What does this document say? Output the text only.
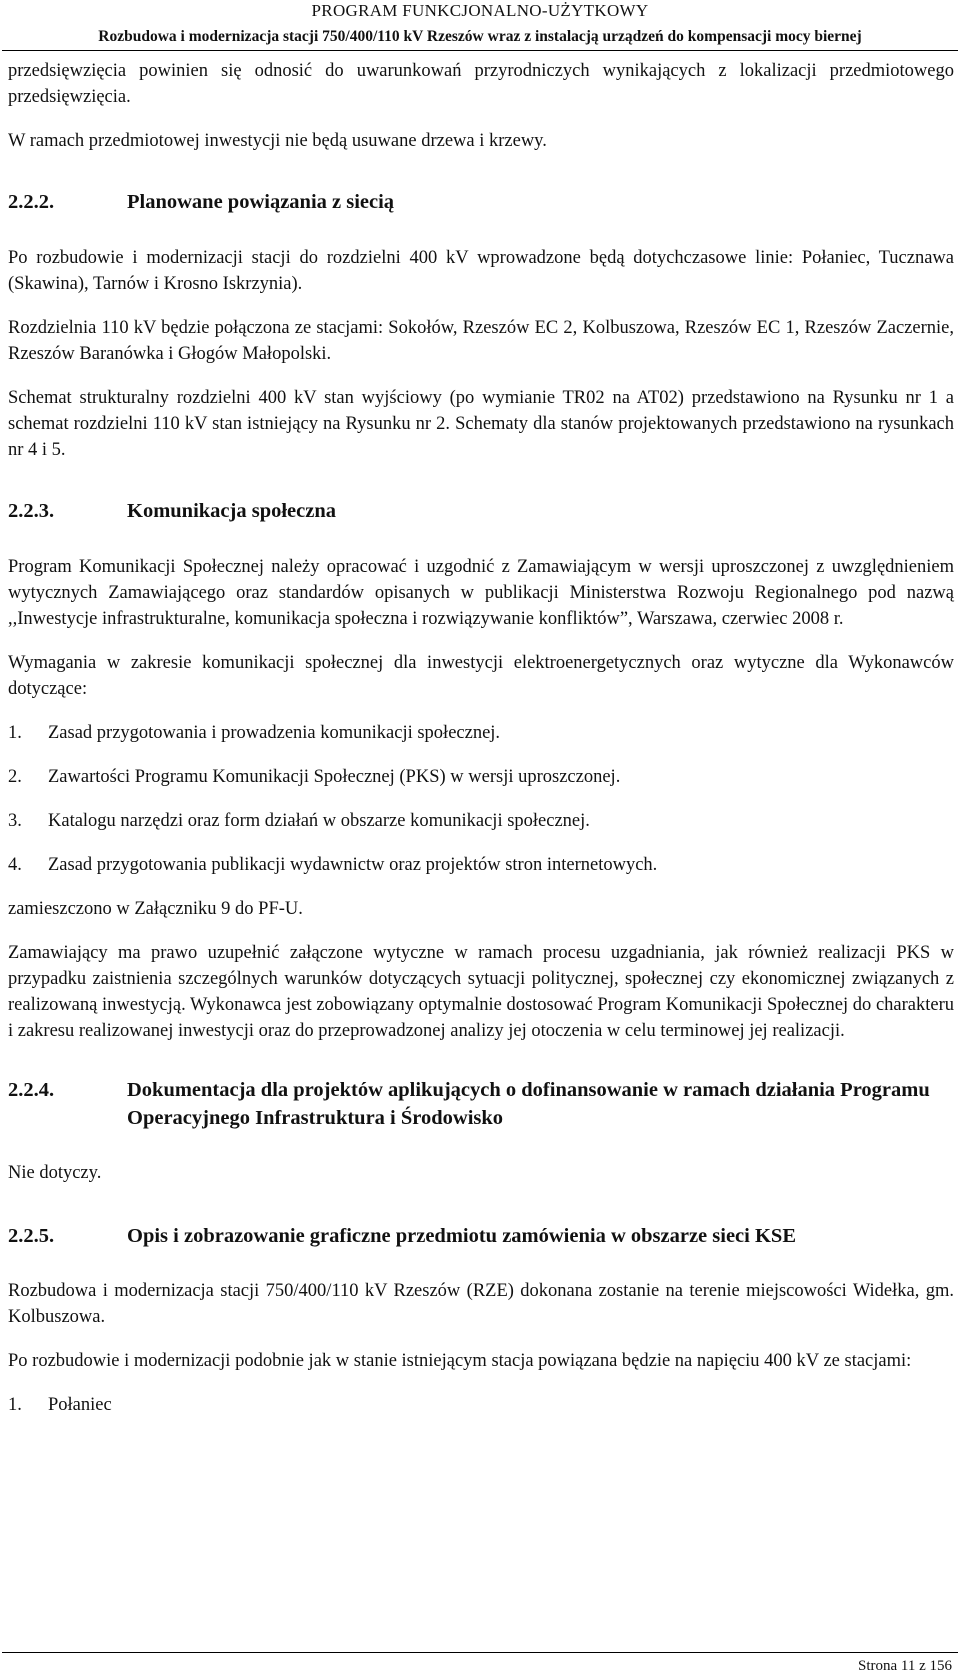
PROGRAM FUNKCJONALNO-UŻYTKOWY
Rozbudowa i modernizacja stacji 750/400/110 kV Rzeszów wraz z instalacją urządzeń do kompensacji mocy biernej

przedsięwzięcia powinien się odnosić do uwarunkowań przyrodniczych wynikających z lokalizacji przedmiotowego przedsięwzięcia.

W ramach przedmiotowej inwestycji nie będą usuwane drzewa i krzewy.

2.2.2.	Planowane powiązania z siecią

Po rozbudowie i modernizacji stacji do rozdzielni 400 kV wprowadzone będą dotychczasowe linie: Połaniec, Tucznawa (Skawina), Tarnów i Krosno Iskrzynia).

Rozdzielnia 110 kV będzie połączona ze stacjami: Sokołów, Rzeszów EC 2, Kolbuszowa, Rzeszów EC 1, Rzeszów Zaczernie, Rzeszów Baranówka i Głogów Małopolski.

Schemat strukturalny rozdzielni 400 kV stan wyjściowy (po wymianie TR02 na AT02) przedstawiono na Rysunku nr 1 a schemat rozdzielni 110 kV stan istniejący na Rysunku nr 2. Schematy dla stanów projektowanych przedstawiono na rysunkach nr 4 i 5.

2.2.3.	Komunikacja społeczna

Program Komunikacji Społecznej należy opracować i uzgodnić z Zamawiającym w wersji uproszczonej z uwzględnieniem wytycznych Zamawiającego oraz standardów opisanych w publikacji Ministerstwa Rozwoju Regionalnego pod nazwą ,,Inwestycje infrastrukturalne, komunikacja społeczna i rozwiązywanie konfliktów”, Warszawa, czerwiec 2008 r.

Wymagania w zakresie komunikacji społecznej dla inwestycji elektroenergetycznych oraz wytyczne dla Wykonawców dotyczące:

1.	Zasad przygotowania i prowadzenia komunikacji społecznej.
2.	Zawartości Programu Komunikacji Społecznej (PKS) w wersji uproszczonej.
3.	Katalogu narzędzi oraz form działań w obszarze komunikacji społecznej.
4.	Zasad przygotowania publikacji wydawnictw oraz projektów stron internetowych.

zamieszczono w Załączniku 9 do PF-U.

Zamawiający ma prawo uzupełnić załączone wytyczne w ramach procesu uzgadniania, jak również realizacji PKS w przypadku zaistnienia szczególnych warunków dotyczących sytuacji politycznej, społecznej czy ekonomicznej związanych z realizowaną inwestycją. Wykonawca jest zobowiązany optymalnie dostosować Program Komunikacji Społecznej do charakteru i zakresu realizowanej inwestycji oraz do przeprowadzonej analizy jej otoczenia w celu terminowej jej realizacji.

2.2.4.	Dokumentacja dla projektów aplikujących o dofinansowanie w ramach działania Programu Operacyjnego Infrastruktura i Środowisko

Nie dotyczy.

2.2.5.	Opis i zobrazowanie graficzne przedmiotu zamówienia w obszarze sieci KSE

Rozbudowa i modernizacja stacji 750/400/110 kV Rzeszów (RZE) dokonana zostanie na terenie miejscowości Widełka, gm. Kolbuszowa.

Po rozbudowie i modernizacji podobnie jak w stanie istniejącym stacja powiązana będzie na napięciu 400 kV ze stacjami:

1.	Połaniec
Strona 11 z 156
